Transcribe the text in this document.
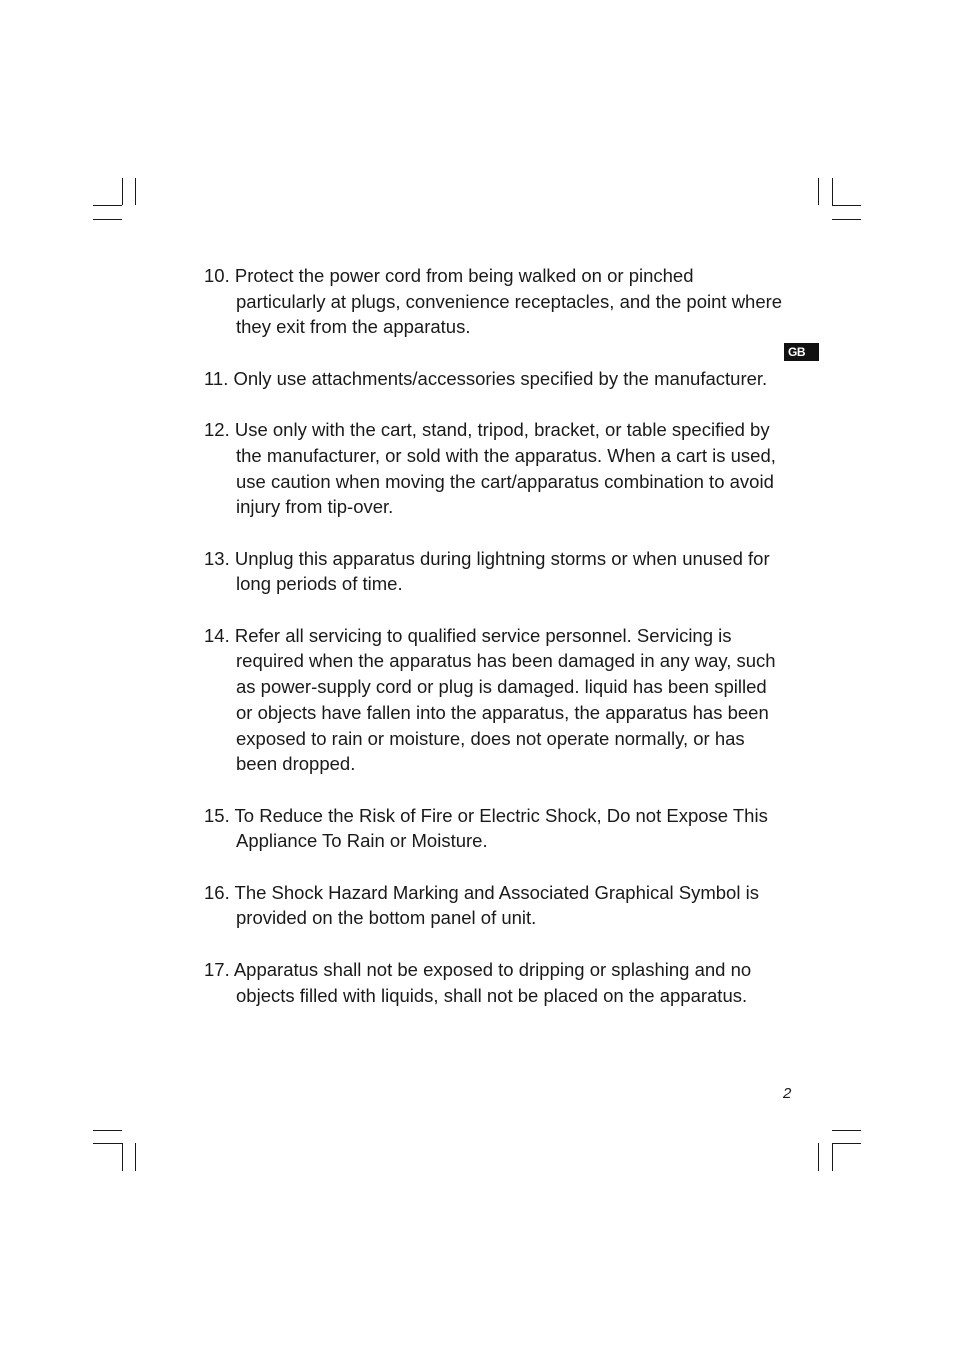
GB

10. Protect the power cord from being walked on or pinched particularly at plugs, convenience receptacles, and the point where they exit from the apparatus.

11. Only use attachments/accessories specified by the manufacturer.

12. Use only with the cart, stand, tripod, bracket, or table specified by the manufacturer, or sold with the apparatus. When a cart is used, use caution when moving the cart/apparatus combination to avoid injury from tip-over.

13. Unplug this apparatus during lightning storms or when unused for long periods of time.

14. Refer all servicing to qualified service personnel. Servicing is required when the apparatus has been damaged in any way, such as power-supply cord or plug is damaged. liquid has been spilled or objects have fallen into the apparatus, the apparatus has been exposed to rain or moisture, does not operate normally, or has been dropped.

15. To Reduce the Risk of Fire or Electric Shock, Do not Expose This Appliance To Rain or Moisture.

16. The Shock Hazard Marking and Associated Graphical Symbol is provided on the bottom panel of unit.

17. Apparatus shall not be exposed to dripping or splashing and no objects filled with liquids, shall not be placed on the apparatus.

2
